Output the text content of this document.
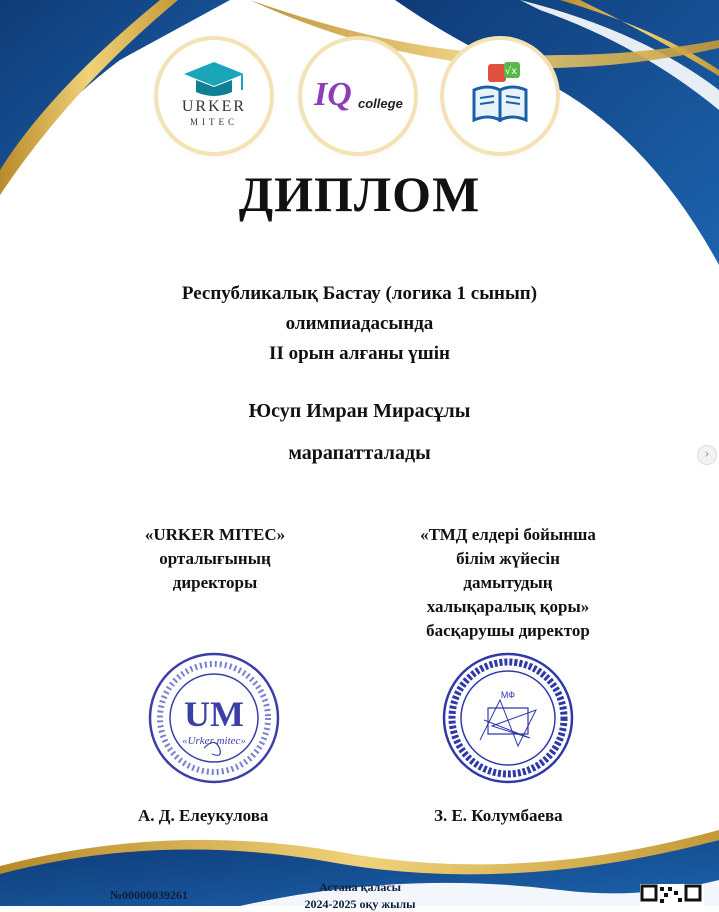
URKER
MITEC
IQ college
√x
ДИПЛОМ
Республикалық Бастау (логика 1 сынып)
олимпиадасында
II орын алғаны үшін
Юсуп Имран Мирасұлы
марапатталады
«URKER MITEC»
орталығының
директоры
UM
«Urker mitec»
А. Д. Елеукулова
«ТМД елдері бойынша
білім жүйесін
дамытудың
халықаралық қоры»
басқарушы директор
МФ
З. Е. Колумбаева
№00000039261
Астана қаласы
2024-2025 оқу жылы
›
